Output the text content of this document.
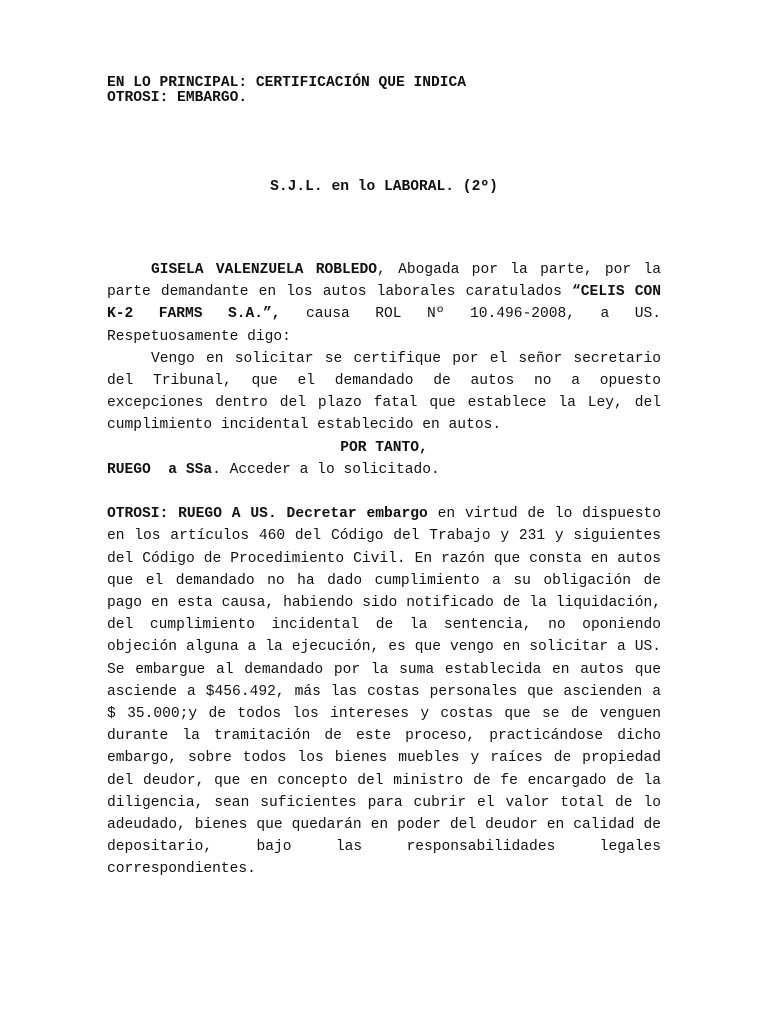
EN LO PRINCIPAL: CERTIFICACIÓN QUE INDICA
OTROSI: EMBARGO.
S.J.L. en lo LABORAL. (2º)

GISELA VALENZUELA ROBLEDO, Abogada por la parte, por la parte demandante en los autos laborales caratulados “CELIS CON K-2 FARMS S.A.”, causa ROL Nº 10.496-2008, a US. Respetuosamente digo:

Vengo en solicitar se certifique por el señor secretario del Tribunal, que el demandado de autos no a opuesto excepciones dentro del plazo fatal que establece la Ley, del cumplimiento incidental establecido en autos.

POR TANTO,

RUEGO  a SSa. Acceder a lo solicitado.

OTROSI: RUEGO A US. Decretar embargo en virtud de lo dispuesto en los artículos 460 del Código del Trabajo y 231 y siguientes del Código de Procedimiento Civil. En razón que consta en autos que el demandado no ha dado cumplimiento a su obligación de pago en esta causa, habiendo sido notificado de la liquidación, del cumplimiento incidental de la sentencia, no oponiendo objeción alguna a la ejecución, es que vengo en solicitar a US. Se embargue al demandado por la suma establecida en autos que asciende a $456.492, más las costas personales que ascienden a $ 35.000;y de todos los intereses y costas que se de venguen durante la tramitación de este proceso, practicándose dicho embargo, sobre todos los bienes muebles y raíces de propiedad del deudor, que en concepto del ministro de fe encargado de la diligencia, sean suficientes para cubrir el valor total de lo adeudado, bienes que quedarán en poder del deudor en calidad de depositario, bajo las responsabilidades legales correspondientes.
